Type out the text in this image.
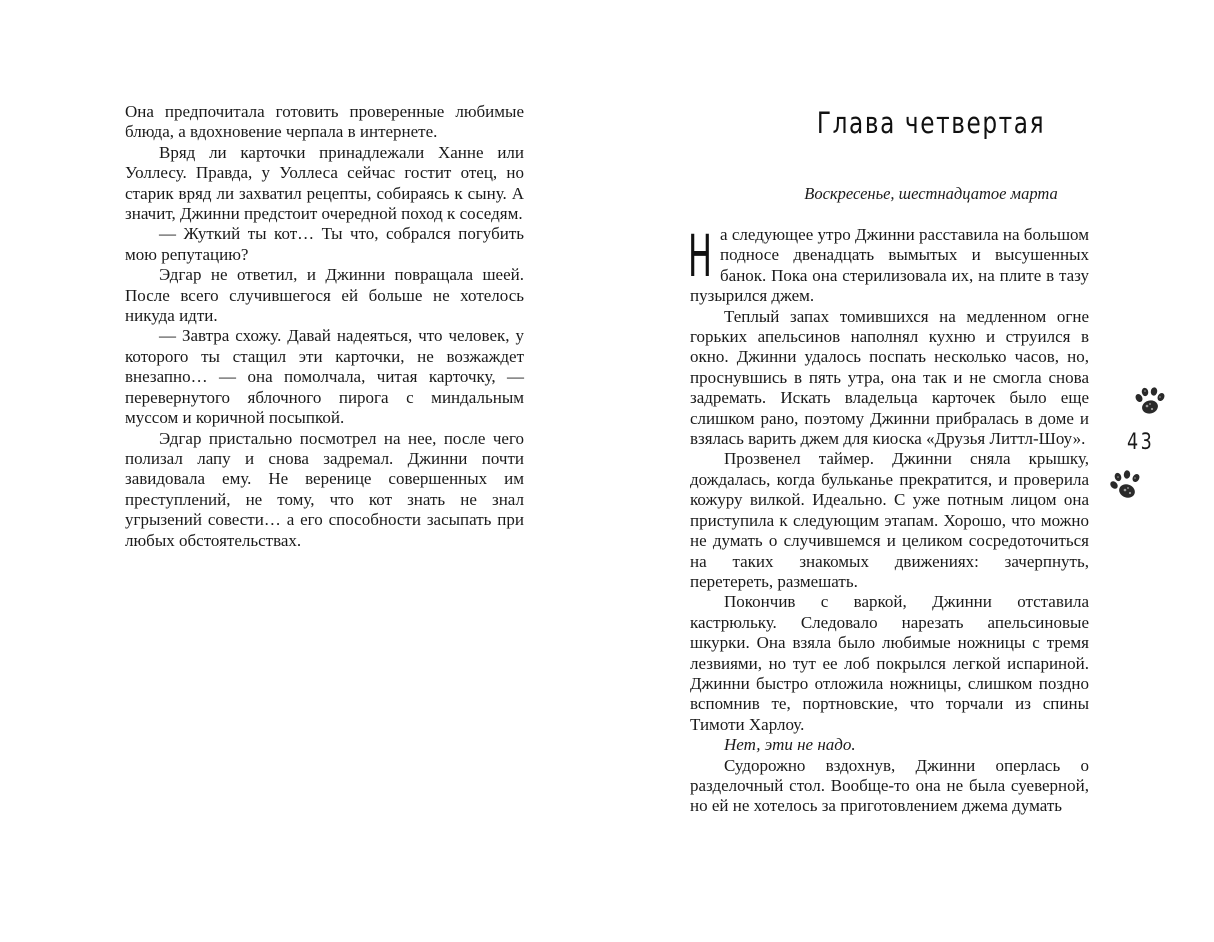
Она предпочитала готовить проверенные любимые блюда, а вдохновение черпала в интернете.

Вряд ли карточки принадлежали Ханне или Уоллесу. Правда, у Уоллеса сейчас гостит отец, но старик вряд ли захватил рецепты, собираясь к сыну. А значит, Джинни предстоит очередной поход к соседям.

— Жуткий ты кот… Ты что, собрался погубить мою репутацию?

Эдгар не ответил, и Джинни повращала шеей. После всего случившегося ей больше не хотелось никуда идти.

— Завтра схожу. Давай надеяться, что человек, у которого ты стащил эти карточки, не возжаждет внезапно… — она помолчала, читая карточку, — перевернутого яблочного пирога с миндальным муссом и коричной посыпкой.

Эдгар пристально посмотрел на нее, после чего полизал лапу и снова задремал. Джинни почти завидовала ему. Не веренице совершенных им преступлений, не тому, что кот знать не знал угрызений совести… а его способности засыпать при любых обстоятельствах.

Глава четвертая
Воскресенье, шестнадцатое марта

На следующее утро Джинни расставила на большом подносе двенадцать вымытых и высушенных банок. Пока она стерилизовала их, на плите в тазу пузырился джем.

Теплый запах томившихся на медленном огне горьких апельсинов наполнял кухню и струился в окно. Джинни удалось поспать несколько часов, но, проснувшись в пять утра, она так и не смогла снова задремать. Искать владельца карточек было еще слишком рано, поэтому Джинни прибралась в доме и взялась варить джем для киоска «Друзья Литтл-Шоу».

Прозвенел таймер. Джинни сняла крышку, дождалась, когда бульканье прекратится, и проверила кожуру вилкой. Идеально. С уже потным лицом она приступила к следующим этапам. Хорошо, что можно не думать о случившемся и целиком сосредоточиться на таких знакомых движениях: зачерпнуть, перетереть, размешать.

Покончив с варкой, Джинни отставила кастрюльку. Следовало нарезать апельсиновые шкурки. Она взяла было любимые ножницы с тремя лезвиями, но тут ее лоб покрылся легкой испариной. Джинни быстро отложила ножницы, слишком поздно вспомнив те, портновские, что торчали из спины Тимоти Харлоу.

Нет, эти не надо.

Судорожно вздохнув, Джинни оперлась о разделочный стол. Вообще-то она не была суеверной, но ей не хотелось за приготовлением джема думать

43
